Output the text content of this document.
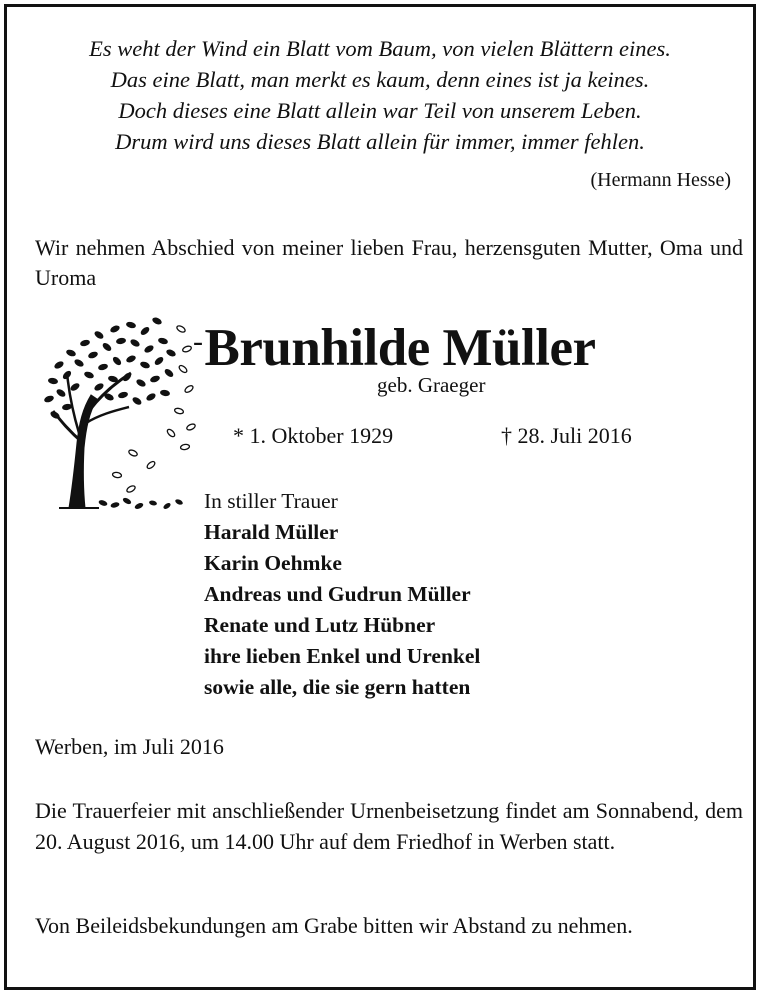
Es weht der Wind ein Blatt vom Baum, von vielen Blättern eines.
Das eine Blatt, man merkt es kaum, denn eines ist ja keines.
Doch dieses eine Blatt allein war Teil von unserem Leben.
Drum wird uns dieses Blatt allein für immer, immer fehlen.
(Hermann Hesse)
Wir nehmen Abschied von meiner lieben Frau, herzensguten Mutter, Oma und Uroma
-Brunhilde Müller
geb. Graeger
* 1. Oktober 1929	† 28. Juli 2016
In stiller Trauer
Harald Müller
Karin Oehmke
Andreas und Gudrun Müller
Renate und Lutz Hübner
ihre lieben Enkel und Urenkel
sowie alle, die sie gern hatten
Werben, im Juli 2016
Die Trauerfeier mit anschließender Urnenbeisetzung findet am Sonnabend, dem 20. August 2016, um 14.00 Uhr auf dem Friedhof in Werben statt.
Von Beileidsbekundungen am Grabe bitten wir Abstand zu nehmen.
